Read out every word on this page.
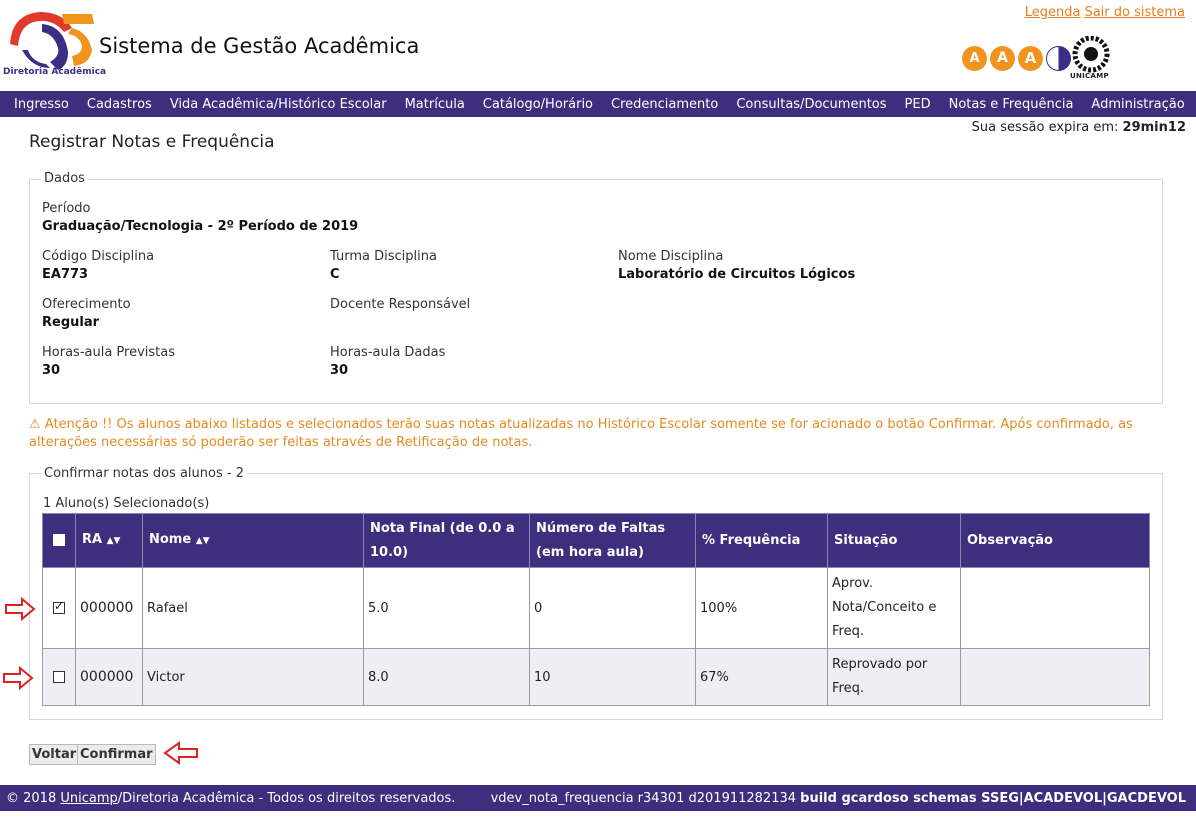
Diretoria Acadêmica
Sistema de Gestão Acadêmica
Legenda Sair do sistema
A	A	A
UNICAMP
Ingresso	Cadastros	Vida Acadêmica/Histórico Escolar	Matrícula	Catálogo/Horário	Credenciamento	Consultas/Documentos	PED	Notas e Frequência	Administração
Sua sessão expira em: 29min12
Registrar Notas e Frequência
Dados
Período
Graduação/Tecnologia - 2º Período de 2019
Código Disciplina
EA773
Turma Disciplina
C
Nome Disciplina
Laboratório de Circuitos Lógicos
Oferecimento
Regular
Docente Responsável
Horas-aula Previstas
30
Horas-aula Dadas
30
⚠ Atenção !! Os alunos abaixo listados e selecionados terão suas notas atualizadas no Histórico Escolar somente se for acionado o botão Confirmar. Após confirmado, as alterações necessárias só poderão ser feitas através de Retificação de notas.
Confirmar notas dos alunos - 2
1 Aluno(s) Selecionado(s)
	RA ▲▼	Nome ▲▼	Nota Final (de 0.0 a 10.0)	Número de Faltas (em hora aula)	% Frequência	Situação	Observação
✓	000000	Rafael	5.0	0	100%	Aprov. Nota/Conceito e Freq.	
	000000	Victor	8.0	10	67%	Reprovado por Freq.	
Voltar Confirmar
© 2018 Unicamp/Diretoria Acadêmica - Todos os direitos reservados.	vdev_nota_frequencia r34301 d201911282134 build gcardoso schemas SSEG|ACADEVOL|GACDEVOL
